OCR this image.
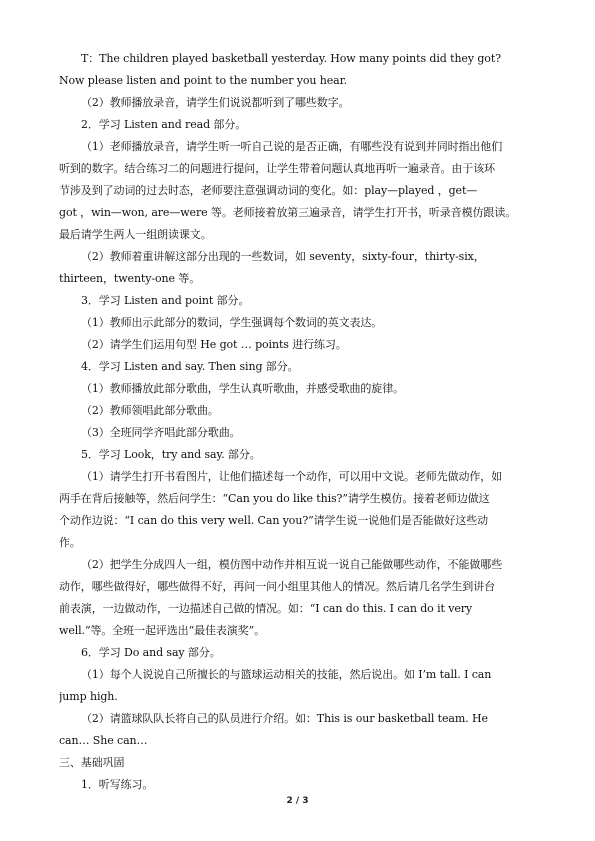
T：The children played basketball yesterday. How many points did they got?
Now please listen and point to the number you hear.
（2）教师播放录音，请学生们说说都听到了哪些数字。
2．学习 Listen and read 部分。
（1）老师播放录音，请学生听一听自己说的是否正确，有哪些没有说到并同时指出他们
听到的数字。结合练习二的问题进行提问，让学生带着问题认真地再听一遍录音。由于该环
节涉及到了动词的过去时态，老师要注意强调动词的变化。如：play—played ，get—
got ，win—won, are—were 等。老师接着放第三遍录音，请学生打开书，听录音模仿跟读。
最后请学生两人一组朗读课文。
（2）教师着重讲解这部分出现的一些数词，如 seventy，sixty-four，thirty-six，
thirteen，twenty-one 等。
3．学习 Listen and point 部分。
（1）教师出示此部分的数词，学生强调每个数词的英文表达。
（2）请学生们运用句型 He got … points 进行练习。
4．学习 Listen and say. Then sing 部分。
（1）教师播放此部分歌曲，学生认真听歌曲，并感受歌曲的旋律。
（2）教师领唱此部分歌曲。
（3）全班同学齐唱此部分歌曲。
5．学习 Look，try and say. 部分。
（1）请学生打开书看图片，让他们描述每一个动作，可以用中文说。老师先做动作，如
两手在背后接触等，然后问学生：“Can you do like this?”请学生模仿。接着老师边做这
个动作边说：“I can do this very well. Can you?”请学生说一说他们是否能做好这些动
作。
（2）把学生分成四人一组，模仿图中动作并相互说一说自己能做哪些动作，不能做哪些
动作，哪些做得好，哪些做得不好，再问一问小组里其他人的情况。然后请几名学生到讲台
前表演，一边做动作，一边描述自己做的情况。如：“I can do this. I can do it very
well.”等。全班一起评选出“最佳表演奖”。
6．学习 Do and say 部分。
（1）每个人说说自己所擅长的与篮球运动相关的技能，然后说出。如 I’m tall. I can
jump high.
（2）请篮球队队长将自己的队员进行介绍。如：This is our basketball team. He
can… She can…
三、基础巩固
1．听写练习。
2 / 3
